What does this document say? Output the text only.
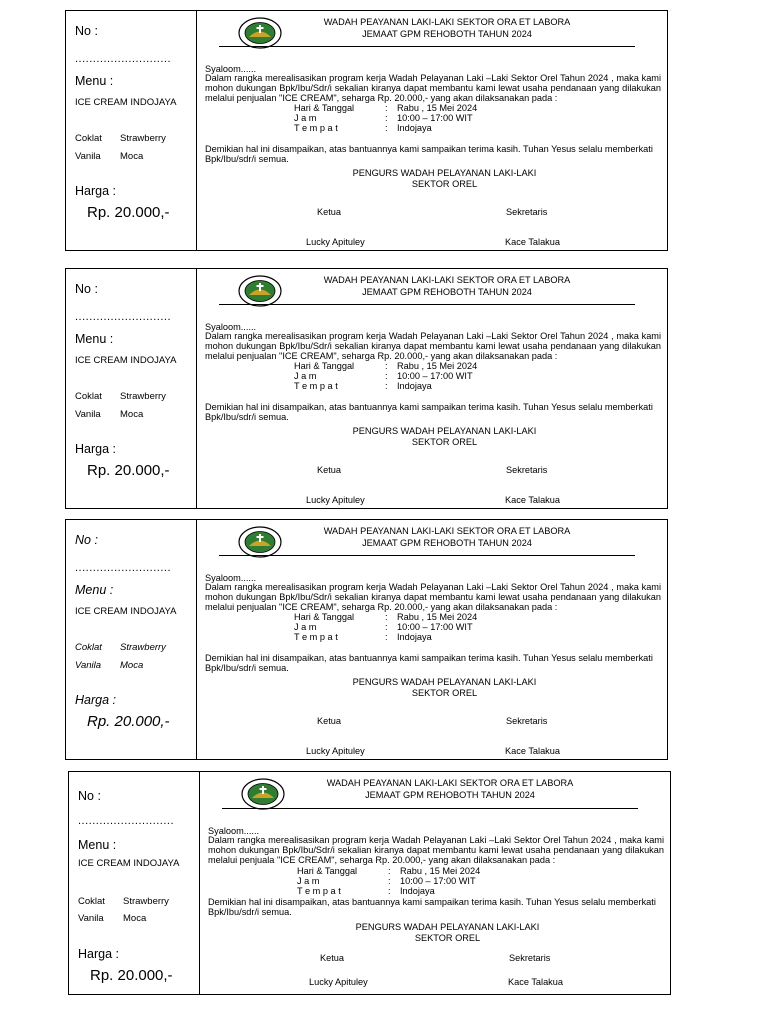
No :
...........................
Menu :
ICE CREAM INDOJAYA
Coklat Strawberry
Vanila Moca
Harga :
Rp. 20.000,-
WADAH PEAYANAN LAKI-LAKI SEKTOR ORA ET LABORA
JEMAAT GPM REHOBOTH TAHUN 2024
Syaloom......
Dalam rangka merealisasikan program kerja Wadah Pelayanan Laki –Laki Sektor Orel Tahun 2024 , maka kami mohon dukungan Bpk/Ibu/Sdr/i sekalian kiranya dapat membantu kami lewat usaha pendanaan yang dilakukan melalui penjualan "ICE CREAM", seharga Rp. 20.000,- yang akan dilaksanakan pada :
Hari & Tanggal	: Rabu , 15 Mei 2024
J a m	: 10:00 – 17:00 WIT
T e m p a t	: Indojaya
Demikian hal ini disampaikan, atas bantuannya kami sampaikan terima kasih. Tuhan Yesus selalu memberkati Bpk/Ibu/sdr/i semua.
PENGURS WADAH PELAYANAN LAKI-LAKI
SEKTOR OREL
Ketua	Sekretaris
Lucky Apituley	Kace Talakua
No :
...........................
Menu :
ICE CREAM INDOJAYA
Coklat Strawberry
Vanila Moca
Harga :
Rp. 20.000,-
WADAH PEAYANAN LAKI-LAKI SEKTOR ORA ET LABORA
JEMAAT GPM REHOBOTH TAHUN 2024
Syaloom......
Dalam rangka merealisasikan program kerja Wadah Pelayanan Laki –Laki Sektor Orel Tahun 2024 , maka kami mohon dukungan Bpk/Ibu/Sdr/i sekalian kiranya dapat membantu kami lewat usaha pendanaan yang dilakukan melalui penjualan "ICE CREAM", seharga Rp. 20.000,- yang akan dilaksanakan pada :
Hari & Tanggal	: Rabu , 15 Mei 2024
J a m	: 10:00 – 17:00 WIT
T e m p a t	: Indojaya
Demikian hal ini disampaikan, atas bantuannya kami sampaikan terima kasih. Tuhan Yesus selalu memberkati Bpk/Ibu/sdr/i semua.
PENGURS WADAH PELAYANAN LAKI-LAKI
SEKTOR OREL
Ketua	Sekretaris
Lucky Apituley	Kace Talakua
No :
...........................
Menu :
ICE CREAM INDOJAYA
Coklat Strawberry
Vanila Moca
Harga :
Rp. 20.000,-
WADAH PEAYANAN LAKI-LAKI SEKTOR ORA ET LABORA
JEMAAT GPM REHOBOTH TAHUN 2024
Syaloom......
Dalam rangka merealisasikan program kerja Wadah Pelayanan Laki –Laki Sektor Orel Tahun 2024 , maka kami mohon dukungan Bpk/Ibu/Sdr/i sekalian kiranya dapat membantu kami lewat usaha pendanaan yang dilakukan melalui penjualan "ICE CREAM", seharga Rp. 20.000,- yang akan dilaksanakan pada :
Hari & Tanggal	: Rabu , 15 Mei 2024
J a m	: 10:00 – 17:00 WIT
T e m p a t	: Indojaya
Demikian hal ini disampaikan, atas bantuannya kami sampaikan terima kasih. Tuhan Yesus selalu memberkati Bpk/Ibu/sdr/i semua.
PENGURS WADAH PELAYANAN LAKI-LAKI
SEKTOR OREL
Ketua	Sekretaris
Lucky Apituley	Kace Talakua
No :
...........................
Menu :
ICE CREAM INDOJAYA
Coklat Strawberry
Vanila Moca
Harga :
Rp. 20.000,-
WADAH PEAYANAN LAKI-LAKI SEKTOR ORA ET LABORA
JEMAAT GPM REHOBOTH TAHUN 2024
Syaloom......
Dalam rangka merealisasikan program kerja Wadah Pelayanan Laki –Laki Sektor Orel Tahun 2024 , maka kami mohon dukungan Bpk/Ibu/Sdr/i sekalian kiranya dapat membantu kami lewat usaha pendanaan yang dilakukan melalui penjuala "ICE CREAM", seharga Rp. 20.000,- yang akan dilaksanakan pada :
Hari & Tanggal	: Rabu , 15 Mei 2024
J a m	: 10:00 – 17:00 WIT
T e m p a t	: Indojaya
Demikian hal ini disampaikan, atas bantuannya kami sampaikan terima kasih. Tuhan Yesus selalu memberkati Bpk/Ibu/sdr/i semua.
PENGURS WADAH PELAYANAN LAKI-LAKI
SEKTOR OREL
Ketua	Sekretaris
Lucky Apituley	Kace Talakua
